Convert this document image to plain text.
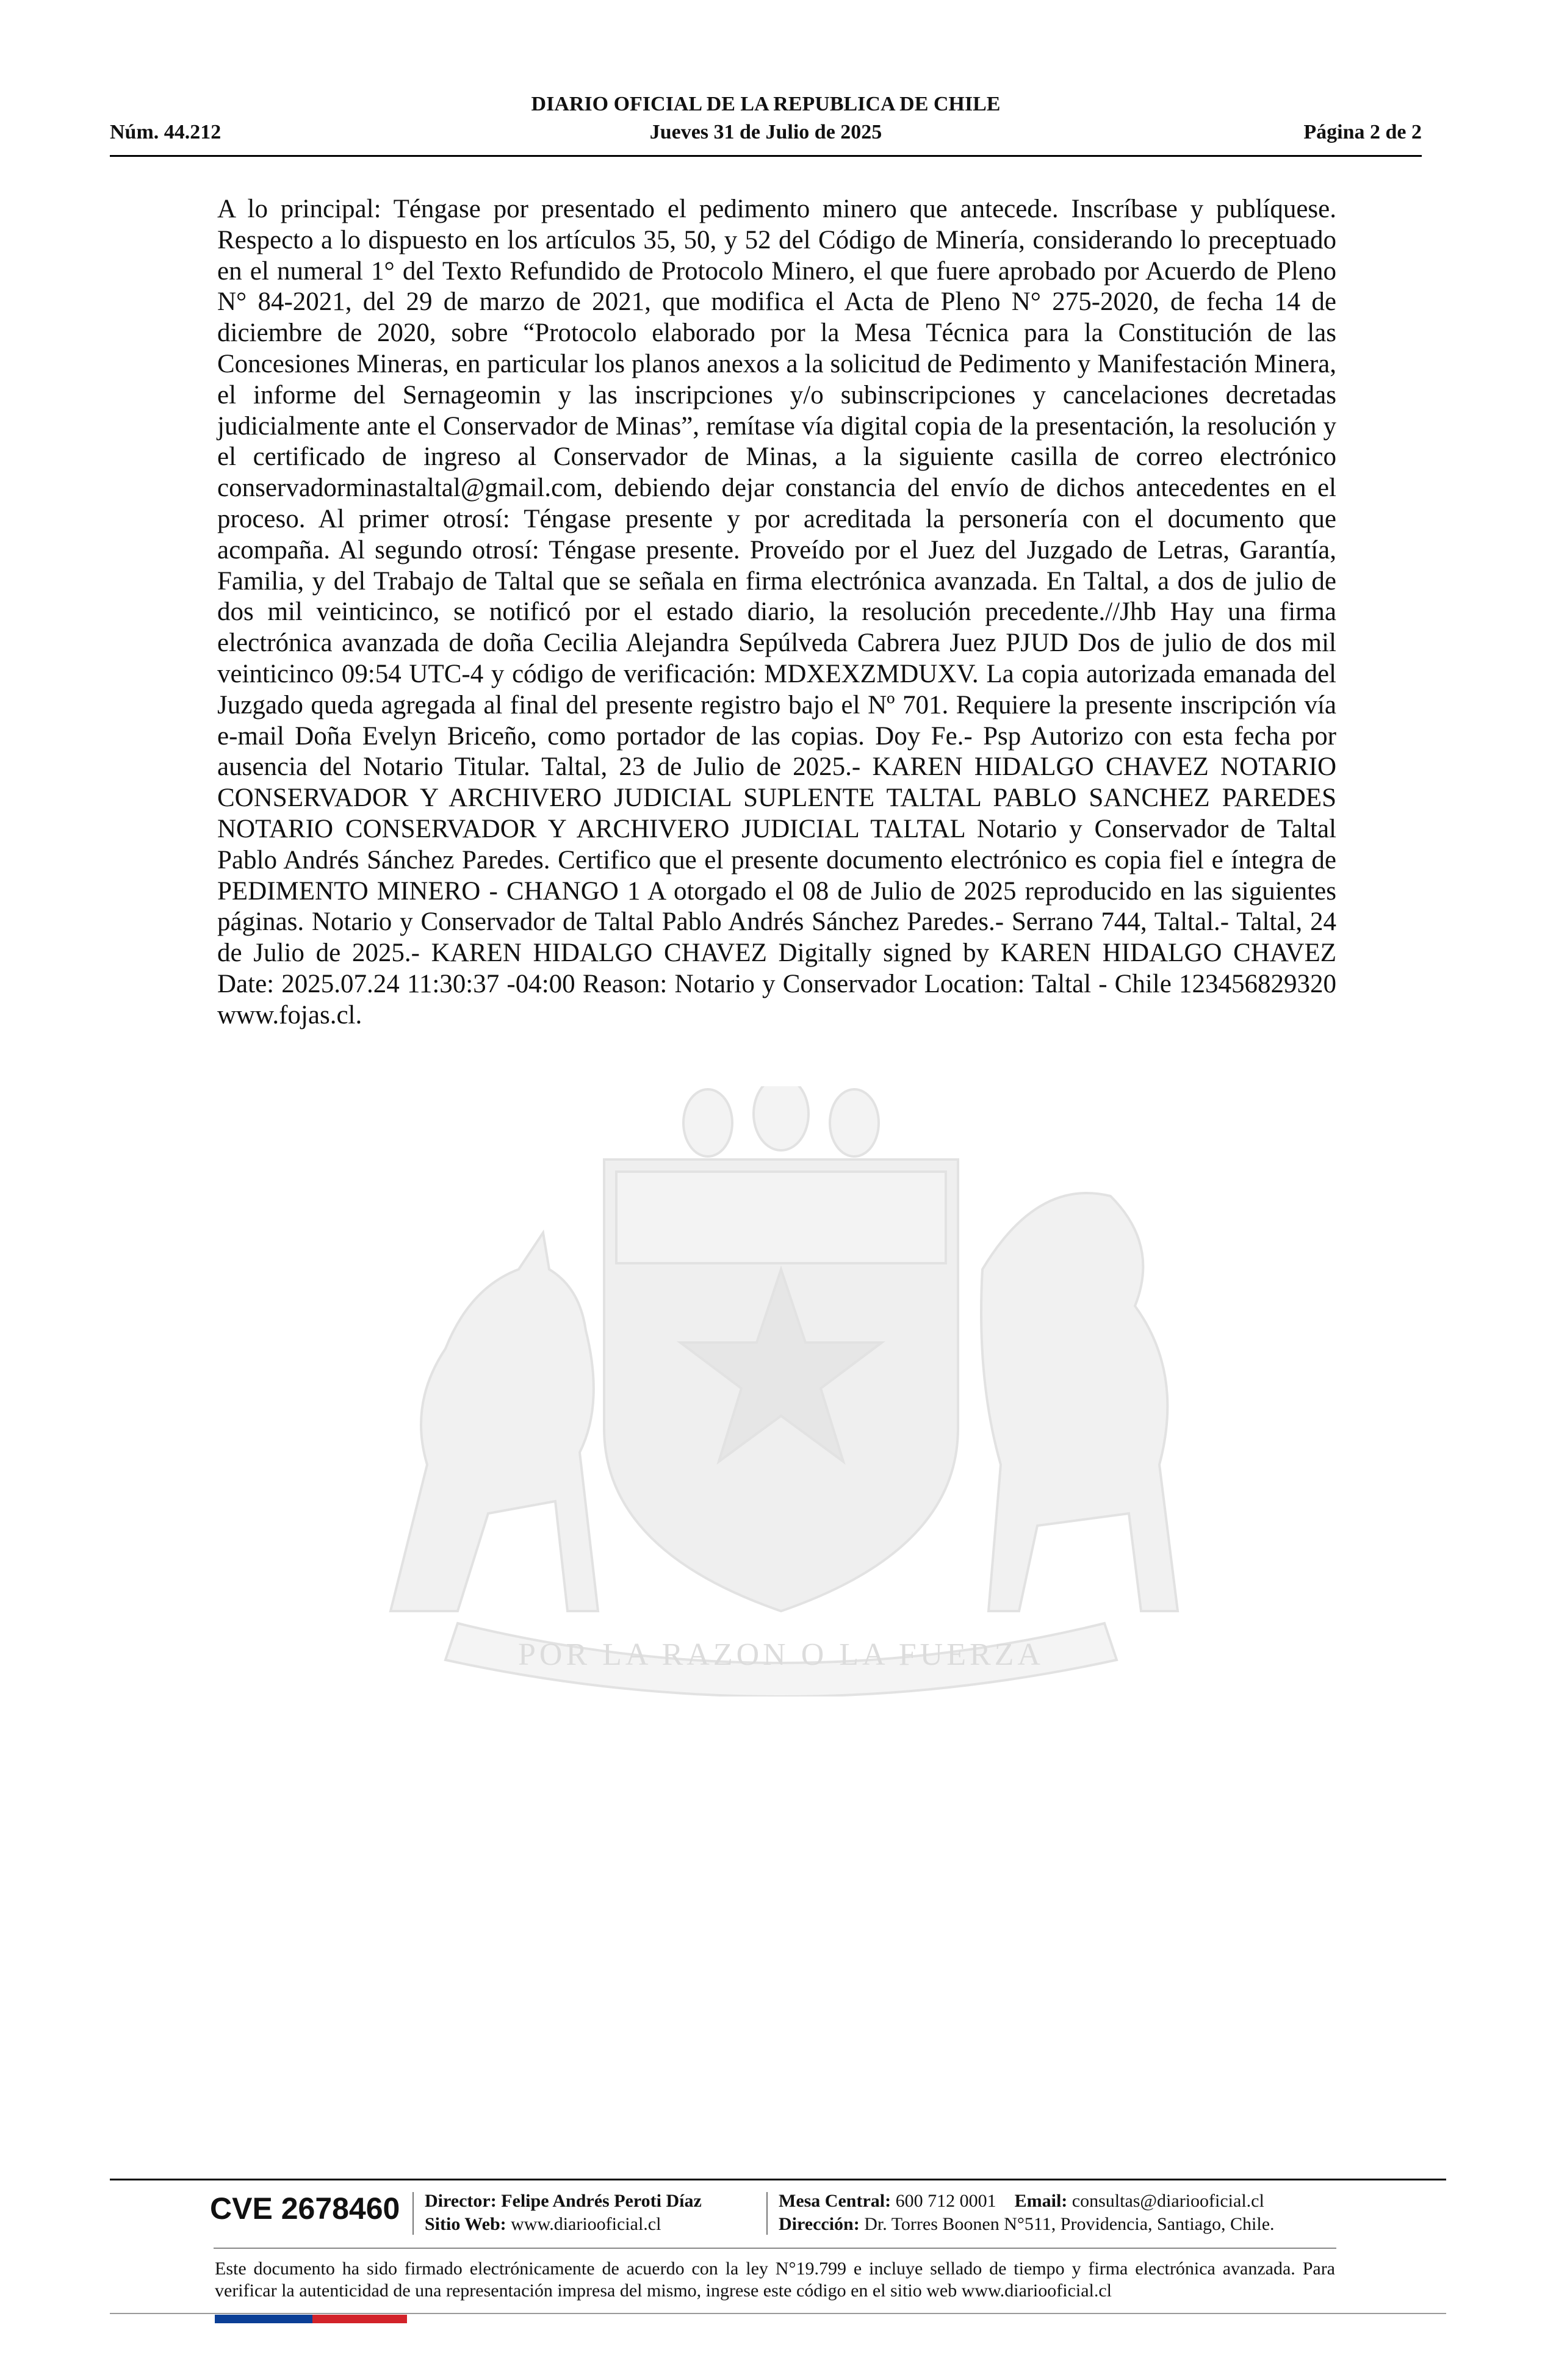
DIARIO OFICIAL DE LA REPUBLICA DE CHILE
Núm. 44.212	Jueves 31 de Julio de 2025	Página 2 de 2
POR LA RAZON O LA FUERZA

A lo principal: Téngase por presentado el pedimento minero que antecede. Inscríbase y publíquese. Respecto a lo dispuesto en los artículos 35, 50, y 52 del Código de Minería, considerando lo preceptuado en el numeral 1° del Texto Refundido de Protocolo Minero, el que fuere aprobado por Acuerdo de Pleno N° 84-2021, del 29 de marzo de 2021, que modifica el Acta de Pleno N° 275-2020, de fecha 14 de diciembre de 2020, sobre “Protocolo elaborado por la Mesa Técnica para la Constitución de las Concesiones Mineras, en particular los planos anexos a la solicitud de Pedimento y Manifestación Minera, el informe del Sernageomin y las inscripciones y/o subinscripciones y cancelaciones decretadas judicialmente ante el Conservador de Minas”, remítase vía digital copia de la presentación, la resolución y el certificado de ingreso al Conservador de Minas, a la siguiente casilla de correo electrónico conservadorminastaltal@gmail.com, debiendo dejar constancia del envío de dichos antecedentes en el proceso. Al primer otrosí: Téngase presente y por acreditada la personería con el documento que acompaña. Al segundo otrosí: Téngase presente. Proveído por el Juez del Juzgado de Letras, Garantía, Familia, y del Trabajo de Taltal que se señala en firma electrónica avanzada. En Taltal, a dos de julio de dos mil veinticinco, se notificó por el estado diario, la resolución precedente.//Jhb Hay una firma electrónica avanzada de doña Cecilia Alejandra Sepúlveda Cabrera Juez PJUD Dos de julio de dos mil veinticinco 09:54 UTC-4 y código de verificación: MDXEXZMDUXV. La copia autorizada emanada del Juzgado queda agregada al final del presente registro bajo el Nº 701. Requiere la presente inscripción vía e-mail Doña Evelyn Briceño, como portador de las copias. Doy Fe.- Psp Autorizo con esta fecha por ausencia del Notario Titular. Taltal, 23 de Julio de 2025.- KAREN HIDALGO CHAVEZ NOTARIO CONSERVADOR Y ARCHIVERO JUDICIAL SUPLENTE TALTAL PABLO SANCHEZ PAREDES NOTARIO CONSERVADOR Y ARCHIVERO JUDICIAL TALTAL Notario y Conservador de Taltal Pablo Andrés Sánchez Paredes. Certifico que el presente documento electrónico es copia fiel e íntegra de PEDIMENTO MINERO - CHANGO 1 A otorgado el 08 de Julio de 2025 reproducido en las siguientes páginas. Notario y Conservador de Taltal Pablo Andrés Sánchez Paredes.- Serrano 744, Taltal.- Taltal, 24 de Julio de 2025.- KAREN HIDALGO CHAVEZ Digitally signed by KAREN HIDALGO CHAVEZ Date: 2025.07.24 11:30:37 -04:00 Reason: Notario y Conservador Location: Taltal - Chile 123456829320 www.fojas.cl.

CVE 2678460 Director: Felipe Andrés Peroti Díaz
Sitio Web: www.diariooficial.cl
Mesa Central: 600 712 0001 Email: consultas@diariooficial.cl
Dirección: Dr. Torres Boonen N°511, Providencia, Santiago, Chile.

Este documento ha sido firmado electrónicamente de acuerdo con la ley N°19.799 e incluye sellado de tiempo y firma electrónica avanzada. Para verificar la autenticidad de una representación impresa del mismo, ingrese este código en el sitio web www.diariooficial.cl
